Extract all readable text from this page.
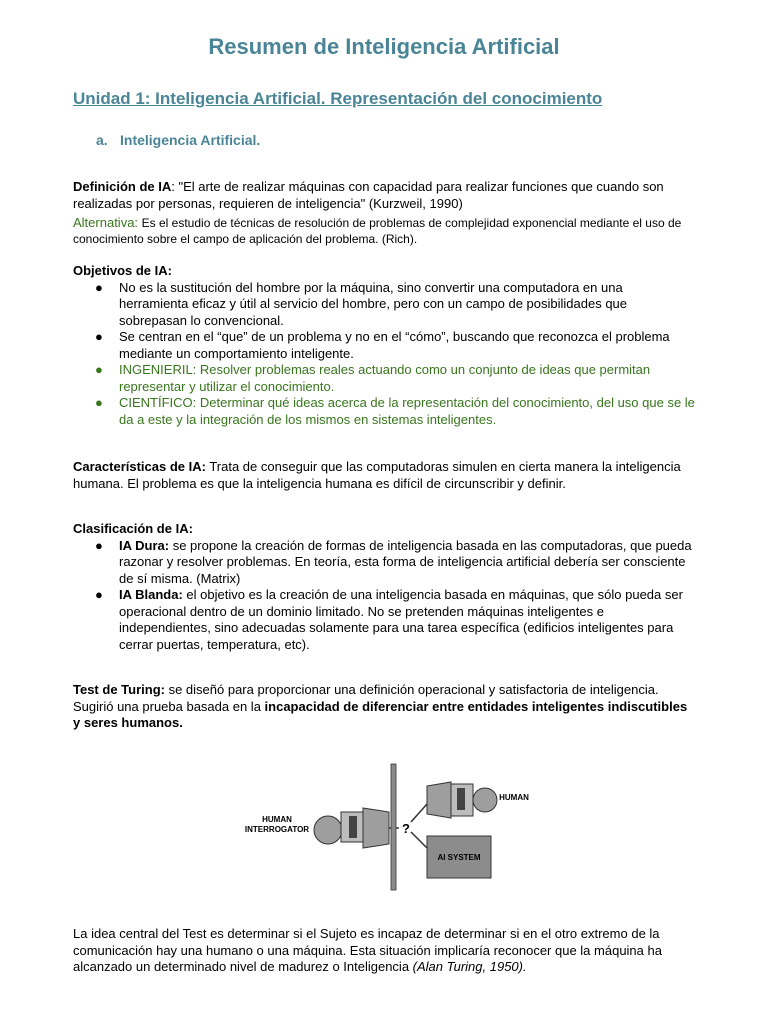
Resumen de Inteligencia Artificial
Unidad 1: Inteligencia Artificial. Representación del conocimiento
a. Inteligencia Artificial.

Definición de IA: "El arte de realizar máquinas con capacidad para realizar funciones que cuando son realizadas por personas, requieren de inteligencia" (Kurzweil, 1990)

Alternativa: Es el estudio de técnicas de resolución de problemas de complejidad exponencial mediante el uso de conocimiento sobre el campo de aplicación del problema. (Rich).

Objetivos de IA:
● No es la sustitución del hombre por la máquina, sino convertir una computadora en una herramienta eficaz y útil al servicio del hombre, pero con un campo de posibilidades que sobrepasan lo convencional.
● Se centran en el “que” de un problema y no en el “cómo”, buscando que reconozca el problema mediante un comportamiento inteligente.
● INGENIERIL: Resolver problemas reales actuando como un conjunto de ideas que permitan representar y utilizar el conocimiento.
● CIENTÍFICO: Determinar qué ideas acerca de la representación del conocimiento, del uso que se le da a este y la integración de los mismos en sistemas inteligentes.

Características de IA: Trata de conseguir que las computadoras simulen en cierta manera la inteligencia humana. El problema es que la inteligencia humana es difícil de circunscribir y definir.

Clasificación de IA:
● IA Dura: se propone la creación de formas de inteligencia basada en las computadoras, que pueda razonar y resolver problemas. En teoría, esta forma de inteligencia artificial debería ser consciente de sí misma. (Matrix)
● IA Blanda: el objetivo es la creación de una inteligencia basada en máquinas, que sólo pueda ser operacional dentro de un dominio limitado. No se pretenden máquinas inteligentes e independientes, sino adecuadas solamente para una tarea específica (edificios inteligentes para cerrar puertas, temperatura, etc).

Test de Turing: se diseñó para proporcionar una definición operacional y satisfactoria de inteligencia. Sugirió una prueba basada en la incapacidad de diferenciar entre entidades inteligentes indiscutibles y seres humanos.

HUMAN
INTERROGATOR	?
HUMAN
AI SYSTEM

La idea central del Test es determinar si el Sujeto es incapaz de determinar si en el otro extremo de la comunicación hay una humano o una máquina. Esta situación implicaría reconocer que la máquina ha alcanzado un determinado nivel de madurez o Inteligencia (Alan Turing, 1950).
